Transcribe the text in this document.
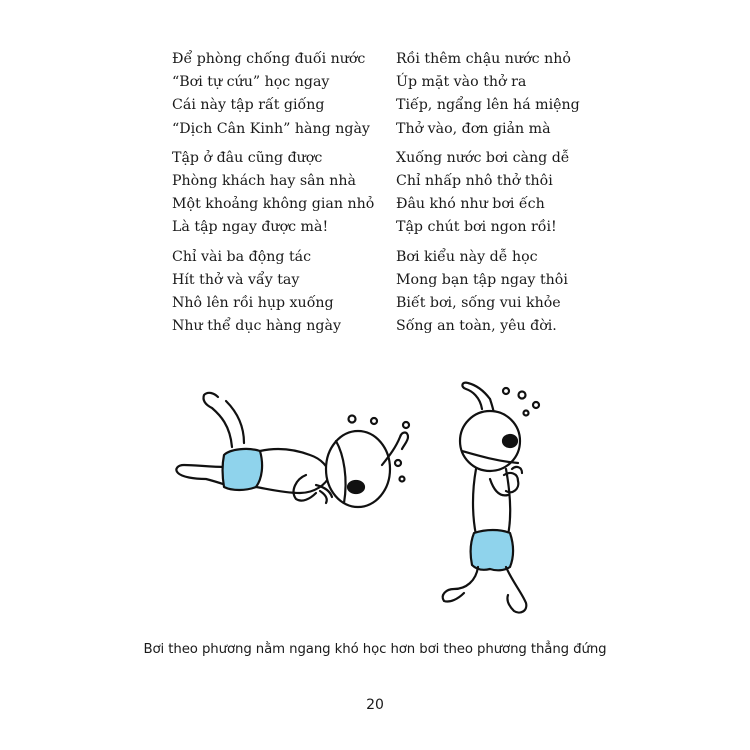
Để phòng chống đuối nước
“Bơi tự cứu” học ngay
Cái này tập rất giống
“Dịch Cân Kinh” hàng ngày
Tập ở đâu cũng được
Phòng khách hay sân nhà
Một khoảng không gian nhỏ
Là tập ngay được mà!
Chỉ vài ba động tác
Hít thở và vẩy tay
Nhô lên rồi hụp xuống
Như thể dục hàng ngày
Rồi thêm chậu nước nhỏ
Úp mặt vào thở ra
Tiếp, ngẩng lên há miệng
Thở vào, đơn giản mà
Xuống nước bơi càng dễ
Chỉ nhấp nhô thở thôi
Đâu khó như bơi ếch
Tập chút bơi ngon rồi!
Bơi kiểu này dễ học
Mong bạn tập ngay thôi
Biết bơi, sống vui khỏe
Sống an toàn, yêu đời.
Bơi theo phương nằm ngang khó học hơn bơi theo phương thẳng đứng
20
